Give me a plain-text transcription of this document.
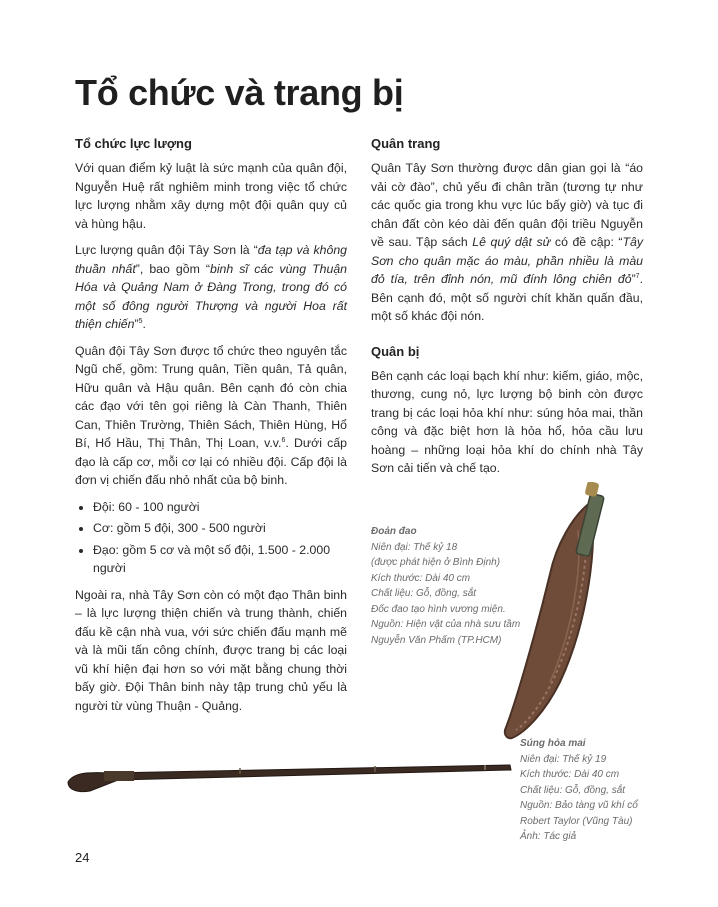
Tổ chức và trang bị
Tổ chức lực lượng

Với quan điểm kỷ luật là sức mạnh của quân đội, Nguyễn Huệ rất nghiêm minh trong việc tổ chức lực lượng nhằm xây dựng một đội quân quy củ và hùng hậu.

Lực lượng quân đội Tây Sơn là “đa tạp và không thuần nhất”, bao gồm “binh sĩ các vùng Thuận Hóa và Quảng Nam ở Đàng Trong, trong đó có một số đông người Thượng và người Hoa rất thiện chiến”$^5$.

Quân đội Tây Sơn được tổ chức theo nguyên tắc Ngũ chế, gồm: Trung quân, Tiền quân, Tả quân, Hữu quân và Hậu quân. Bên cạnh đó còn chia các đạo với tên gọi riêng là Càn Thanh, Thiên Can, Thiên Trường, Thiên Sách, Thiên Hùng, Hổ Bí, Hổ Hầu, Thị Thân, Thị Loan, v.v.$^6$. Dưới cấp đạo là cấp cơ, mỗi cơ lại có nhiều đội. Cấp đội là đơn vị chiến đấu nhỏ nhất của bộ binh.

• Đội: 60 - 100 người
• Cơ: gồm 5 đội, 300 - 500 người
• Đạo: gồm 5 cơ và một số đội, 1.500 - 2.000 người

Ngoài ra, nhà Tây Sơn còn có một đạo Thân binh – là lực lượng thiện chiến và trung thành, chiến đấu kề cận nhà vua, với sức chiến đấu mạnh mẽ và là mũi tấn công chính, được trang bị các loại vũ khí hiện đại hơn so với mặt bằng chung thời bấy giờ. Đội Thân binh này tập trung chủ yếu là người từ vùng Thuận - Quảng.

Quân trang

Quân Tây Sơn thường được dân gian gọi là “áo vải cờ đào”, chủ yếu đi chân trần (tương tự như các quốc gia trong khu vực lúc bấy giờ) và tục đi chân đất còn kéo dài đến quân đội triều Nguyễn về sau. Tập sách Lê quý dật sử có đề cập: “Tây Sơn cho quân mặc áo màu, phần nhiều là màu đỏ tía, trên đỉnh nón, mũ đính lông chiên đỏ”$^7$. Bên cạnh đó, một số người chít khăn quấn đầu, một số khác đội nón.

Quân bị

Bên cạnh các loại bạch khí như: kiếm, giáo, mộc, thương, cung nỏ, lực lượng bộ binh còn được trang bị các loại hỏa khí như: súng hỏa mai, thần công và đặc biệt hơn là hỏa hổ, hỏa cầu lưu hoàng – những loại hỏa khí do chính nhà Tây Sơn cải tiến và chế tạo.

Đoản đao
Niên đại: Thế kỷ 18
(được phát hiện ở Bình Định)
Kích thước: Dài 40 cm
Chất liệu: Gỗ, đồng, sắt
Đốc đao tạo hình vương miện.
Nguồn: Hiện vật của nhà sưu tầm
Nguyễn Văn Phấm (TP.HCM)
Súng hỏa mai
Niên đại: Thế kỷ 19
Kích thước: Dài 40 cm
Chất liệu: Gỗ, đồng, sắt
Nguồn: Bảo tàng vũ khí cổ
Robert Taylor (Vũng Tàu)
Ảnh: Tác giả
24
